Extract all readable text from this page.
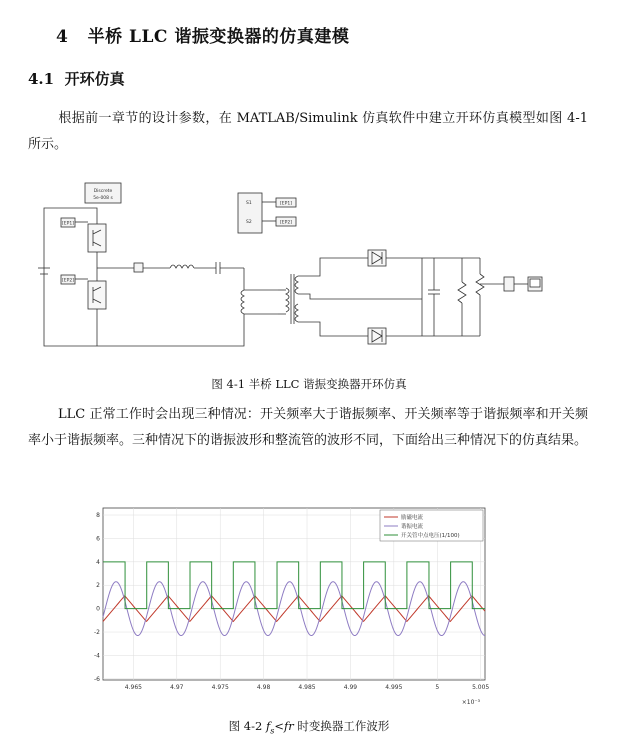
4 半桥 LLC 谐振变换器的仿真建模
4.1 开环仿真
根据前一章节的设计参数，在 MATLAB/Simulink 仿真软件中建立开环仿真模型如图 4-1 所示。
Discrete
5e-008 s
[EP1]
[EP2]
[EP1]
[EP2]
S1
S2
图 4-1 半桥 LLC 谐振变换器开环仿真
LLC 正常工作时会出现三种情况：开关频率大于谐振频率、开关频率等于谐振频率和开关频率小于谐振频率。三种情况下的谐振波形和整流管的波形不同，下面给出三种情况下的仿真结果。
-6
-4
-2
0
2
4
6
8
4.965	4.97	4.975	4.98	4.985	4.99	4.995	5	5.005
×10⁻³
励磁电流
谐振电流
开关管中点电压(1/100)
图 4-2 $f_s<fr$ 时变换器工作波形
